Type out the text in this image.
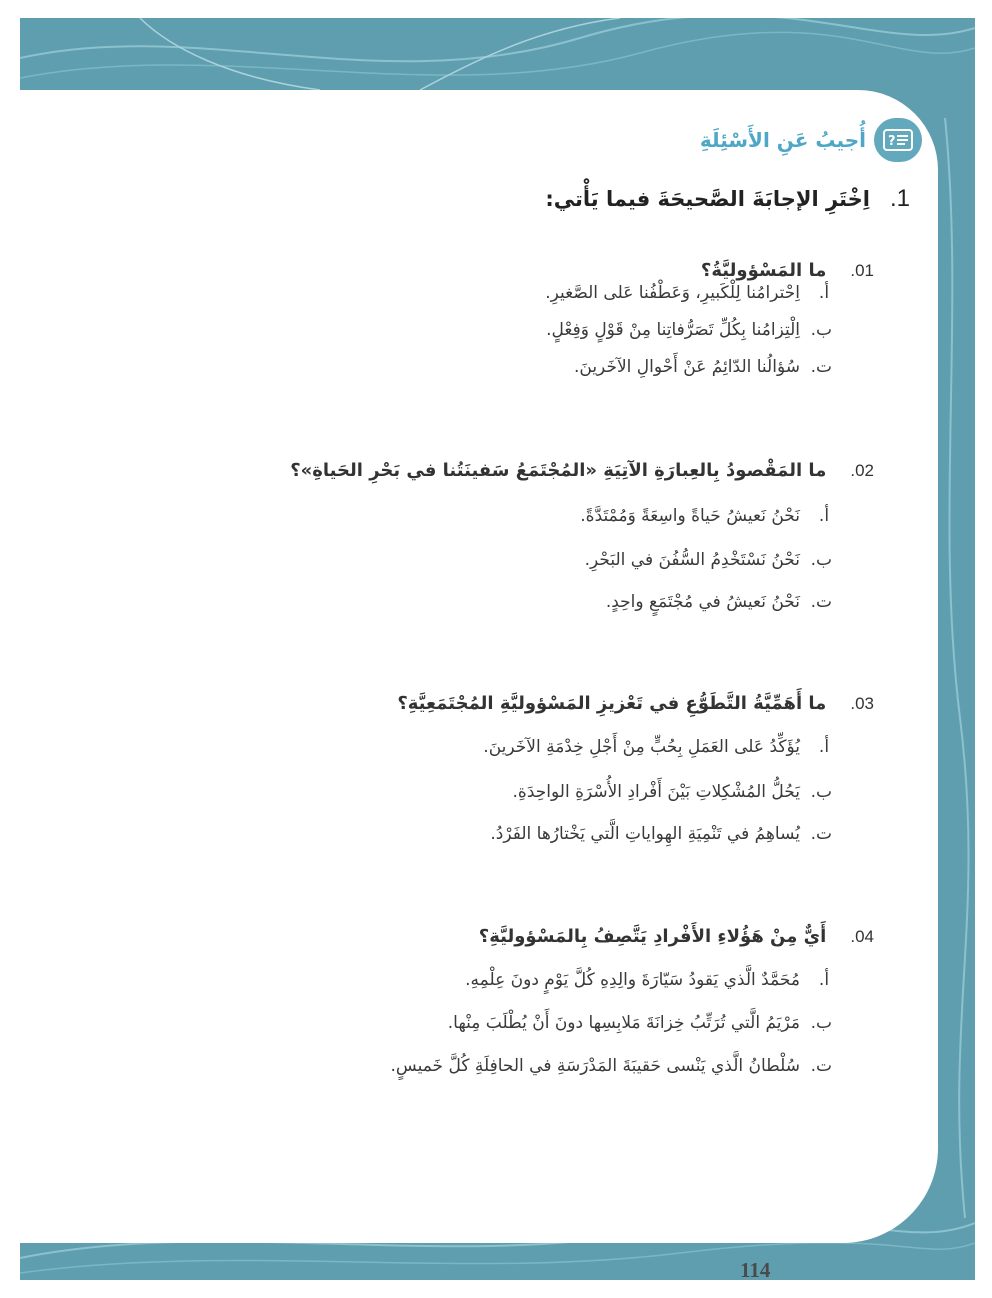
?
أُجيبُ عَنِ الأَسْئِلَةِ
1.
اِخْتَرِ الإجابَةَ الصَّحيحَةَ فيما يَأْتي:
01.
ما المَسْؤوليَّةُ؟
أ.
اِحْترامُنا لِلْكَبيرِ، وَعَطْفُنا عَلى الصَّغيرِ.
ب.
اِلْتِزامُنا بِكُلِّ تَصَرُّفاتِنا مِنْ قَوْلٍ وَفِعْلٍ.
ت.
سُؤالُنا الدّائِمُ عَنْ أَحْوالِ الآخَرينَ.
02.
ما المَقْصودُ بِالعِبارَةِ الآتِيَةِ «المُجْتَمَعُ سَفينَتُنا في بَحْرِ الحَياةِ»؟
أ.
نَحْنُ نَعيشُ حَياةً واسِعَةً وَمُمْتَدَّةً.
ب.
نَحْنُ نَسْتَخْدِمُ السُّفُنَ في البَحْرِ.
ت.
نَحْنُ نَعيشُ في مُجْتَمَعٍ واحِدٍ.
03.
ما أَهَمِّيَّةُ التَّطَوُّعِ في تَعْزيزِ المَسْؤوليَّةِ المُجْتَمَعِيَّةِ؟
أ.
يُؤَكِّدُ عَلى العَمَلِ بِحُبٍّ مِنْ أَجْلِ خِدْمَةِ الآخَرينَ.
ب.
يَحُلُّ المُشْكِلاتِ بَيْنَ أَفْرادِ الأُسْرَةِ الواحِدَةِ.
ت.
يُساهِمُ في تَنْمِيَةِ الهِواياتِ الَّتي يَخْتارُها الفَرْدُ.
04.
أَيٌّ مِنْ هَؤُلاءِ الأَفْرادِ يَتَّصِفُ بِالمَسْؤوليَّةِ؟
أ.
مُحَمَّدٌ الَّذي يَقودُ سَيّارَةَ والِدِهِ كُلَّ يَوْمٍ دونَ عِلْمِهِ.
ب.
مَرْيَمُ الَّتي تُرَتِّبُ خِزانَةَ مَلابِسِها دونَ أَنْ يُطْلَبَ مِنْها.
ت.
سُلْطانُ الَّذي يَنْسى حَقيبَةَ المَدْرَسَةِ في الحافِلَةِ كُلَّ خَميسٍ.
114
